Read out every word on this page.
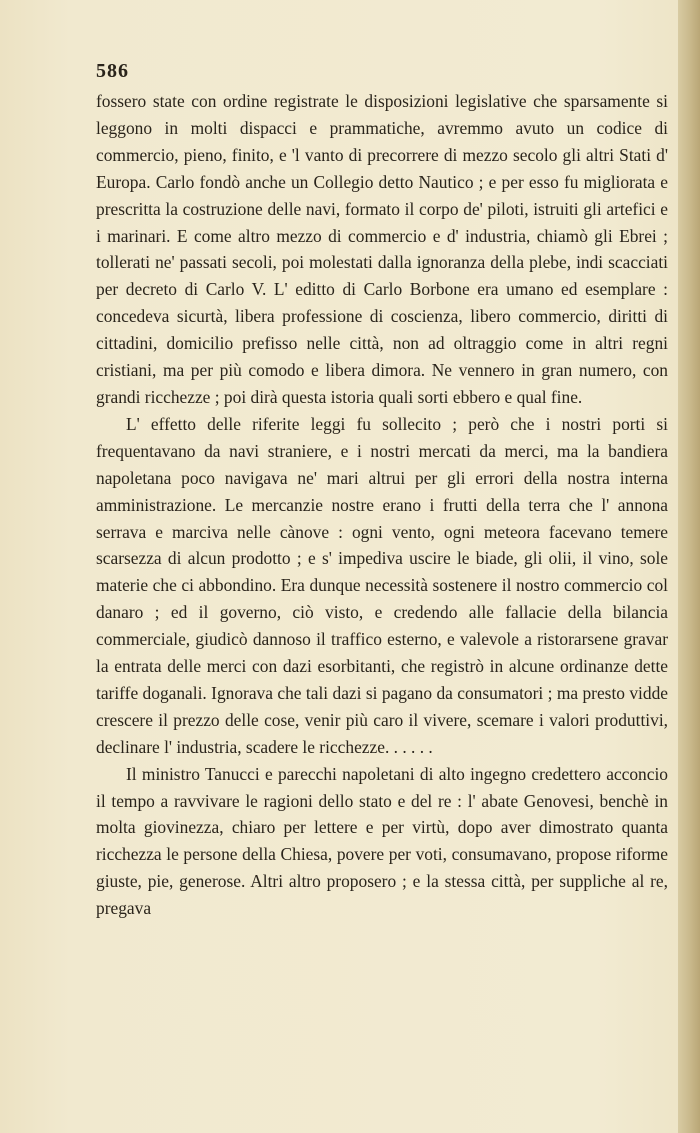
586

fossero state con ordine registrate le disposizioni legislative che sparsamente si leggono in molti dispacci e prammatiche, avremmo avuto un codice di commercio, pieno, finito, e 'l vanto di precorrere di mezzo secolo gli altri Stati d' Europa. Carlo fondò anche un Collegio detto Nautico ; e per esso fu migliorata e prescritta la costruzione delle navi, formato il corpo de' piloti, istruiti gli artefici e i marinari. E come altro mezzo di commercio e d' industria, chiamò gli Ebrei ; tollerati ne' passati secoli, poi molestati dalla ignoranza della plebe, indi scacciati per decreto di Carlo V. L' editto di Carlo Borbone era umano ed esemplare : concedeva sicurtà, libera professione di coscienza, libero commercio, diritti di cittadini, domicilio prefisso nelle città, non ad oltraggio come in altri regni cristiani, ma per più comodo e libera dimora. Ne vennero in gran numero, con grandi ricchezze ; poi dirà questa istoria quali sorti ebbero e qual fine.

L' effetto delle riferite leggi fu sollecito ; però che i nostri porti si frequentavano da navi straniere, e i nostri mercati da merci, ma la bandiera napoletana poco navigava ne' mari altrui per gli errori della nostra interna amministrazione. Le mercanzie nostre erano i frutti della terra che l' annona serrava e marciva nelle cànove : ogni vento, ogni meteora facevano temere scarsezza di alcun prodotto ; e s' impediva uscire le biade, gli olii, il vino, sole materie che ci abbondino. Era dunque necessità sostenere il nostro commercio col danaro ; ed il governo, ciò visto, e credendo alle fallacie della bilancia commerciale, giudicò dannoso il traffico esterno, e valevole a ristorarsene gravar la entrata delle merci con dazi esorbitanti, che registrò in alcune ordinanze dette tariffe doganali. Ignorava che tali dazi si pagano da consumatori ; ma presto vidde crescere il prezzo delle cose, venir più caro il vivere, scemare i valori produttivi, declinare l' industria, scadere le ricchezze. . . . . .

Il ministro Tanucci e parecchi napoletani di alto ingegno credettero acconcio il tempo a ravvivare le ragioni dello stato e del re : l' abate Genovesi, benchè in molta giovinezza, chiaro per lettere e per virtù, dopo aver dimostrato quanta ricchezza le persone della Chiesa, povere per voti, consumavano, propose riforme giuste, pie, generose. Altri altro proposero ; e la stessa città, per suppliche al re, pregava
